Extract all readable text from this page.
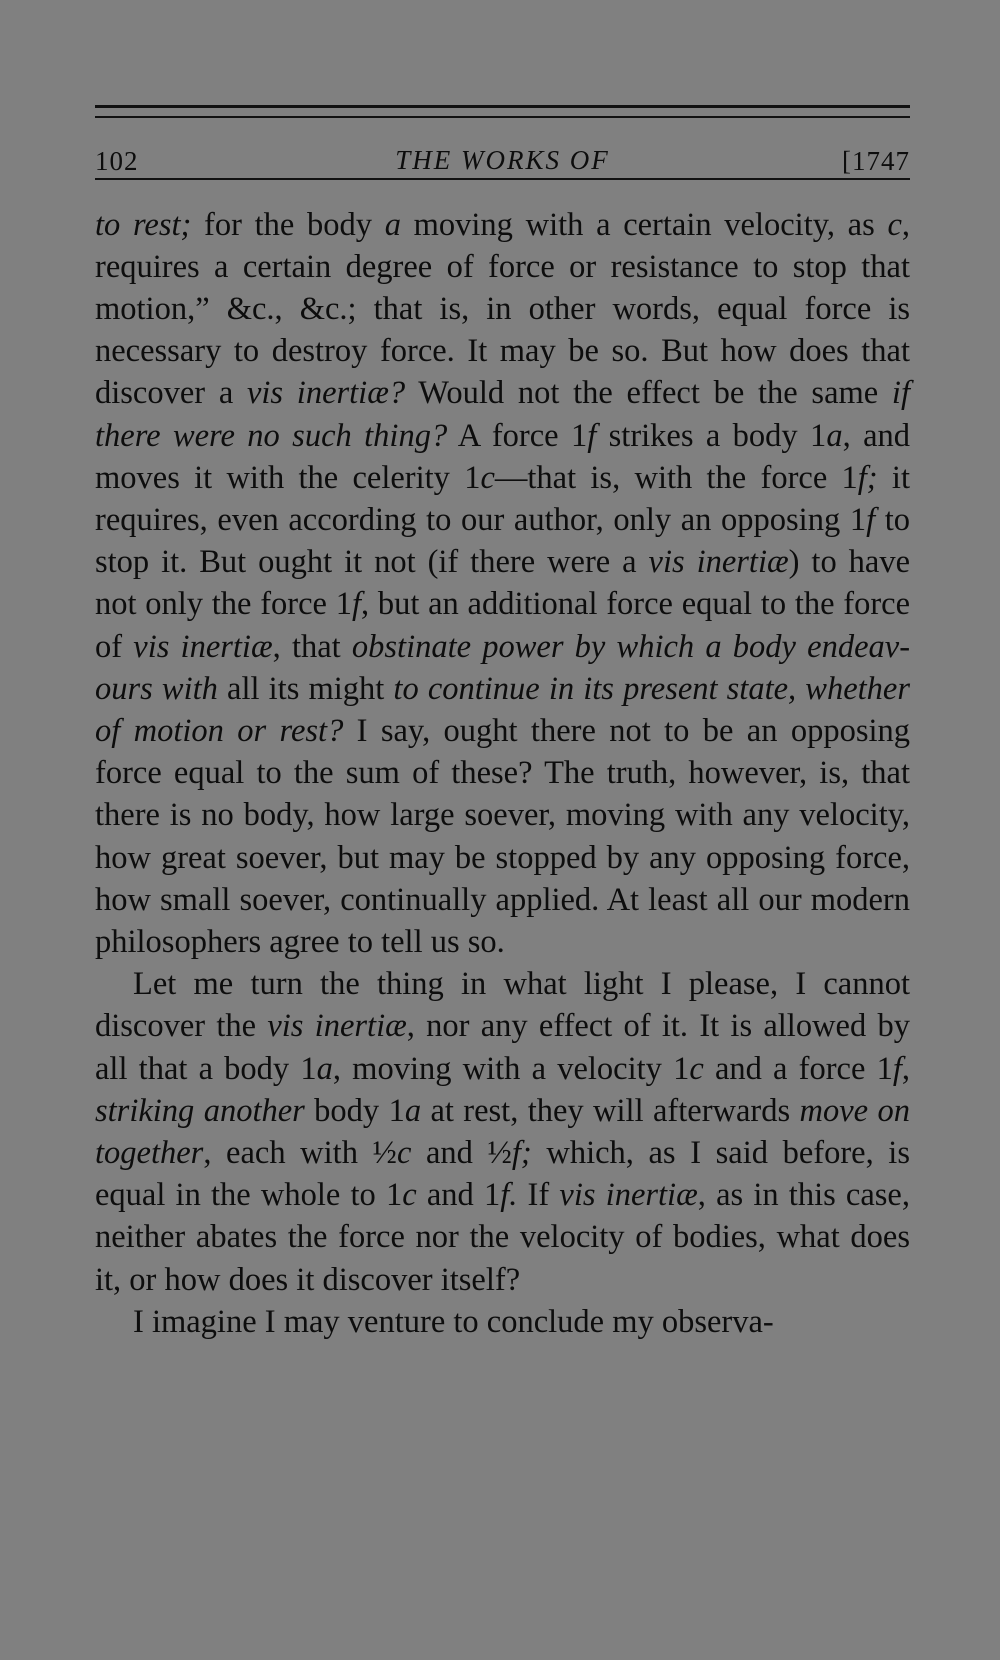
102	THE WORKS OF	[1747

to rest; for the body a moving with a certain velocity, as c, requires a certain degree of force or resistance to stop that motion,” &c., &c.; that is, in other words, equal force is necessary to destroy force. It may be so. But how does that discover a vis inertiæ? Would not the effect be the same if there were no such thing? A force 1f strikes a body 1a, and moves it with the celerity 1c—that is, with the force 1f; it requires, even according to our author, only an opposing 1f to stop it. But ought it not (if there were a vis inertiæ) to have not only the force 1f, but an additional force equal to the force of vis inertiæ, that obstinate power by which a body endeavours with all its might to continue in its present state, whether of motion or rest? I say, ought there not to be an opposing force equal to the sum of these? The truth, however, is, that there is no body, how large soever, moving with any velocity, how great soever, but may be stopped by any opposing force, how small soever, continually applied. At least all our modern philosophers agree to tell us so.

Let me turn the thing in what light I please, I cannot discover the vis inertiæ, nor any effect of it. It is allowed by all that a body 1a, moving with a velocity 1c and a force 1f, striking another body 1a at rest, they will afterwards move on together, each with ½c and ½f; which, as I said before, is equal in the whole to 1c and 1f. If vis inertiæ, as in this case, neither abates the force nor the velocity of bodies, what does it, or how does it discover itself?

I imagine I may venture to conclude my observa-
